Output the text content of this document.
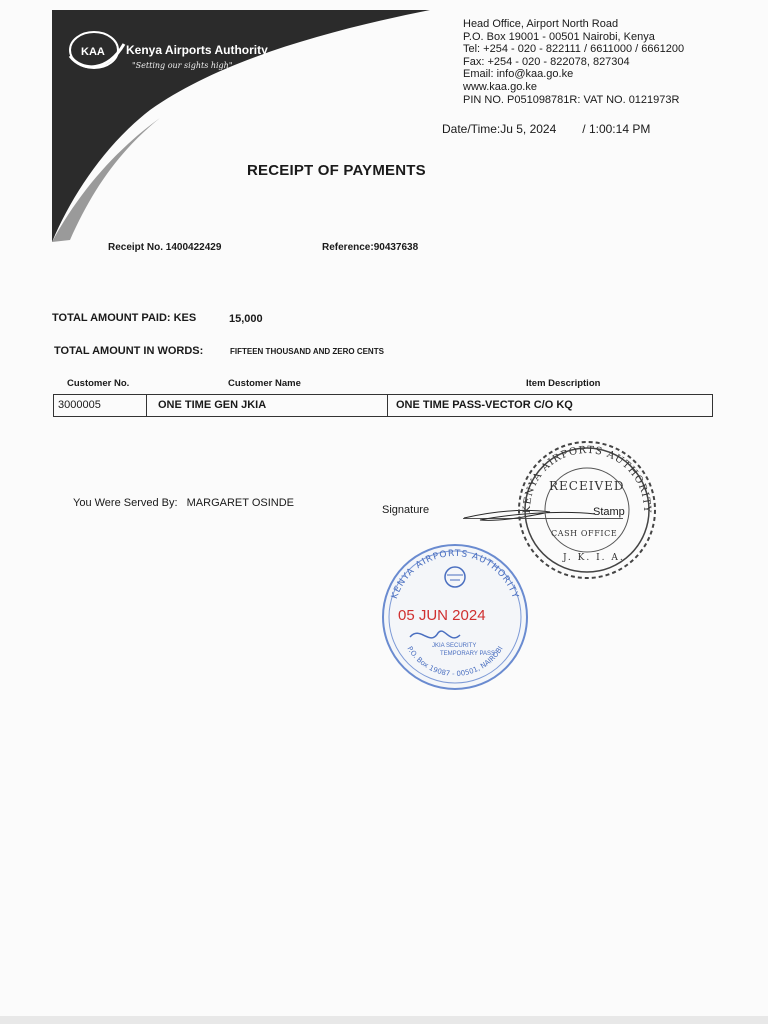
KAA Kenya Airports Authority
"Setting our sights high"
Head Office, Airport North Road
P.O. Box 19001 - 00501 Nairobi, Kenya
Tel: +254 - 020 - 822111 / 6611000 / 6661200
Fax: +254 - 020 - 822078, 827304
Email: info@kaa.go.ke
www.kaa.go.ke
PIN NO. P051098781R: VAT NO. 0121973R
Date/Time:Ju 5, 2024 / 1:00:14 PM
RECEIPT OF PAYMENTS
Receipt No. 1400422429	Reference:90437638
TOTAL AMOUNT PAID: KES	15,000
TOTAL AMOUNT IN WORDS:	FIFTEEN THOUSAND AND ZERO CENTS
Customer No.	Customer Name	Item Description
3000005	ONE TIME GEN JKIA	ONE TIME PASS-VECTOR C/O KQ
You Were Served By: MARGARET OSINDE
Signature	KENYA AIRPORTS AUTHORITY
RECEIVED
CASH OFFICE
J. K. I. A.
Stamp
KENYA AIRPORTS AUTHORITY
P.O. Box 19087 - 00501, NAIROBI
05 JUN 2024
JKIA SECURITY
TEMPORARY PASS
